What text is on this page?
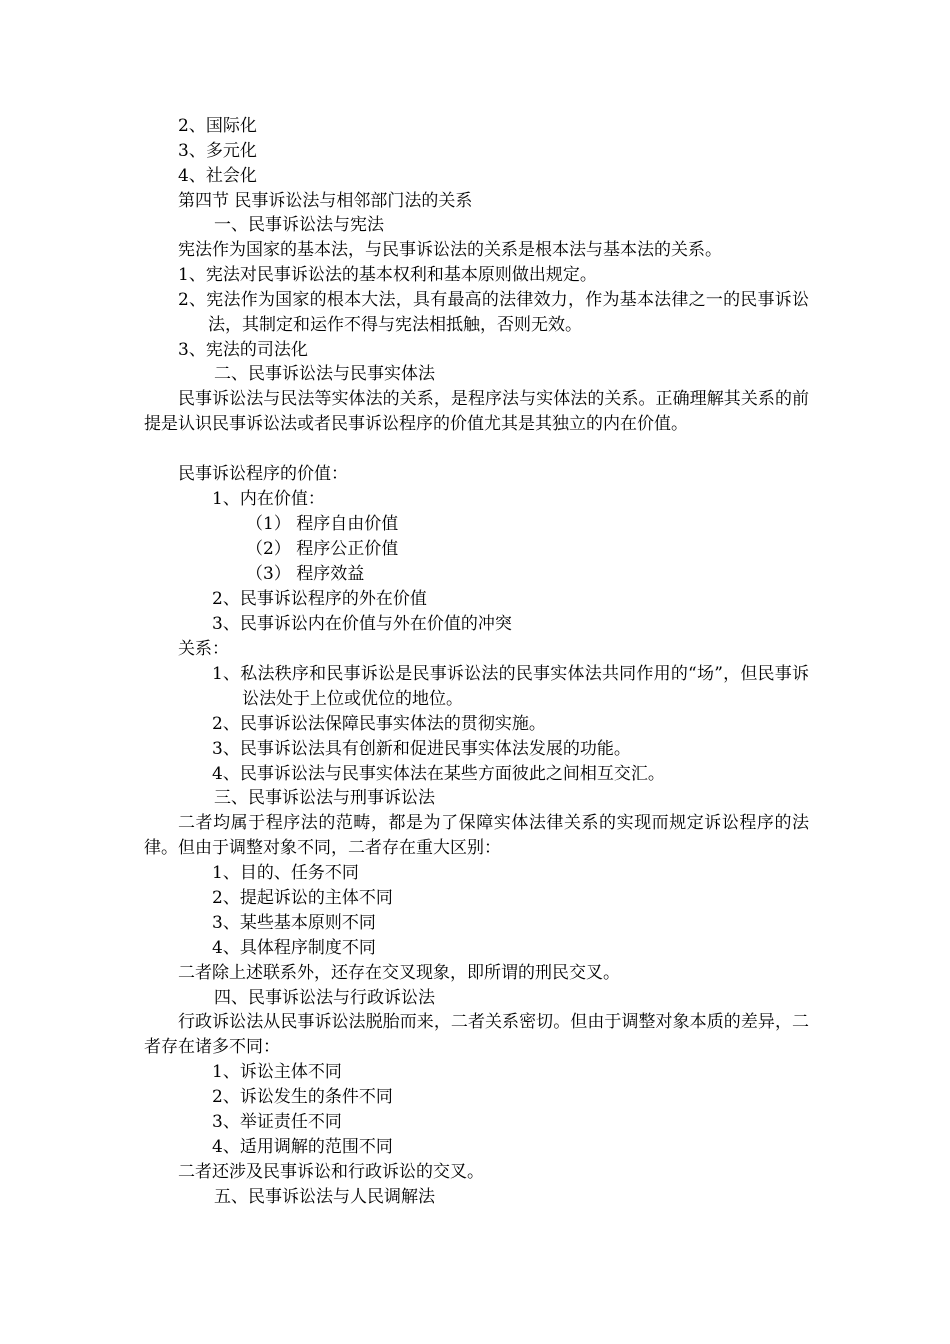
2、国际化
3、多元化
4、社会化
第四节 民事诉讼法与相邻部门法的关系
一、民事诉讼法与宪法
宪法作为国家的基本法，与民事诉讼法的关系是根本法与基本法的关系。
1、宪法对民事诉讼法的基本权利和基本原则做出规定。
2、宪法作为国家的根本大法，具有最高的法律效力，作为基本法律之一的民事诉讼法，其制定和运作不得与宪法相抵触，否则无效。
3、宪法的司法化
二、民事诉讼法与民事实体法
民事诉讼法与民法等实体法的关系，是程序法与实体法的关系。正确理解其关系的前提是认识民事诉讼法或者民事诉讼程序的价值尤其是其独立的内在价值。
民事诉讼程序的价值：
1、内在价值：
（1） 程序自由价值
（2） 程序公正价值
（3） 程序效益
2、民事诉讼程序的外在价值
3、民事诉讼内在价值与外在价值的冲突
关系：
1、私法秩序和民事诉讼是民事诉讼法的民事实体法共同作用的“场”，但民事诉讼法处于上位或优位的地位。
2、民事诉讼法保障民事实体法的贯彻实施。
3、民事诉讼法具有创新和促进民事实体法发展的功能。
4、民事诉讼法与民事实体法在某些方面彼此之间相互交汇。
三、民事诉讼法与刑事诉讼法
二者均属于程序法的范畴，都是为了保障实体法律关系的实现而规定诉讼程序的法律。但由于调整对象不同，二者存在重大区别：
1、目的、任务不同
2、提起诉讼的主体不同
3、某些基本原则不同
4、具体程序制度不同
二者除上述联系外，还存在交叉现象，即所谓的刑民交叉。
四、民事诉讼法与行政诉讼法
行政诉讼法从民事诉讼法脱胎而来，二者关系密切。但由于调整对象本质的差异，二者存在诸多不同：
1、诉讼主体不同
2、诉讼发生的条件不同
3、举证责任不同
4、适用调解的范围不同
二者还涉及民事诉讼和行政诉讼的交叉。
五、民事诉讼法与人民调解法
